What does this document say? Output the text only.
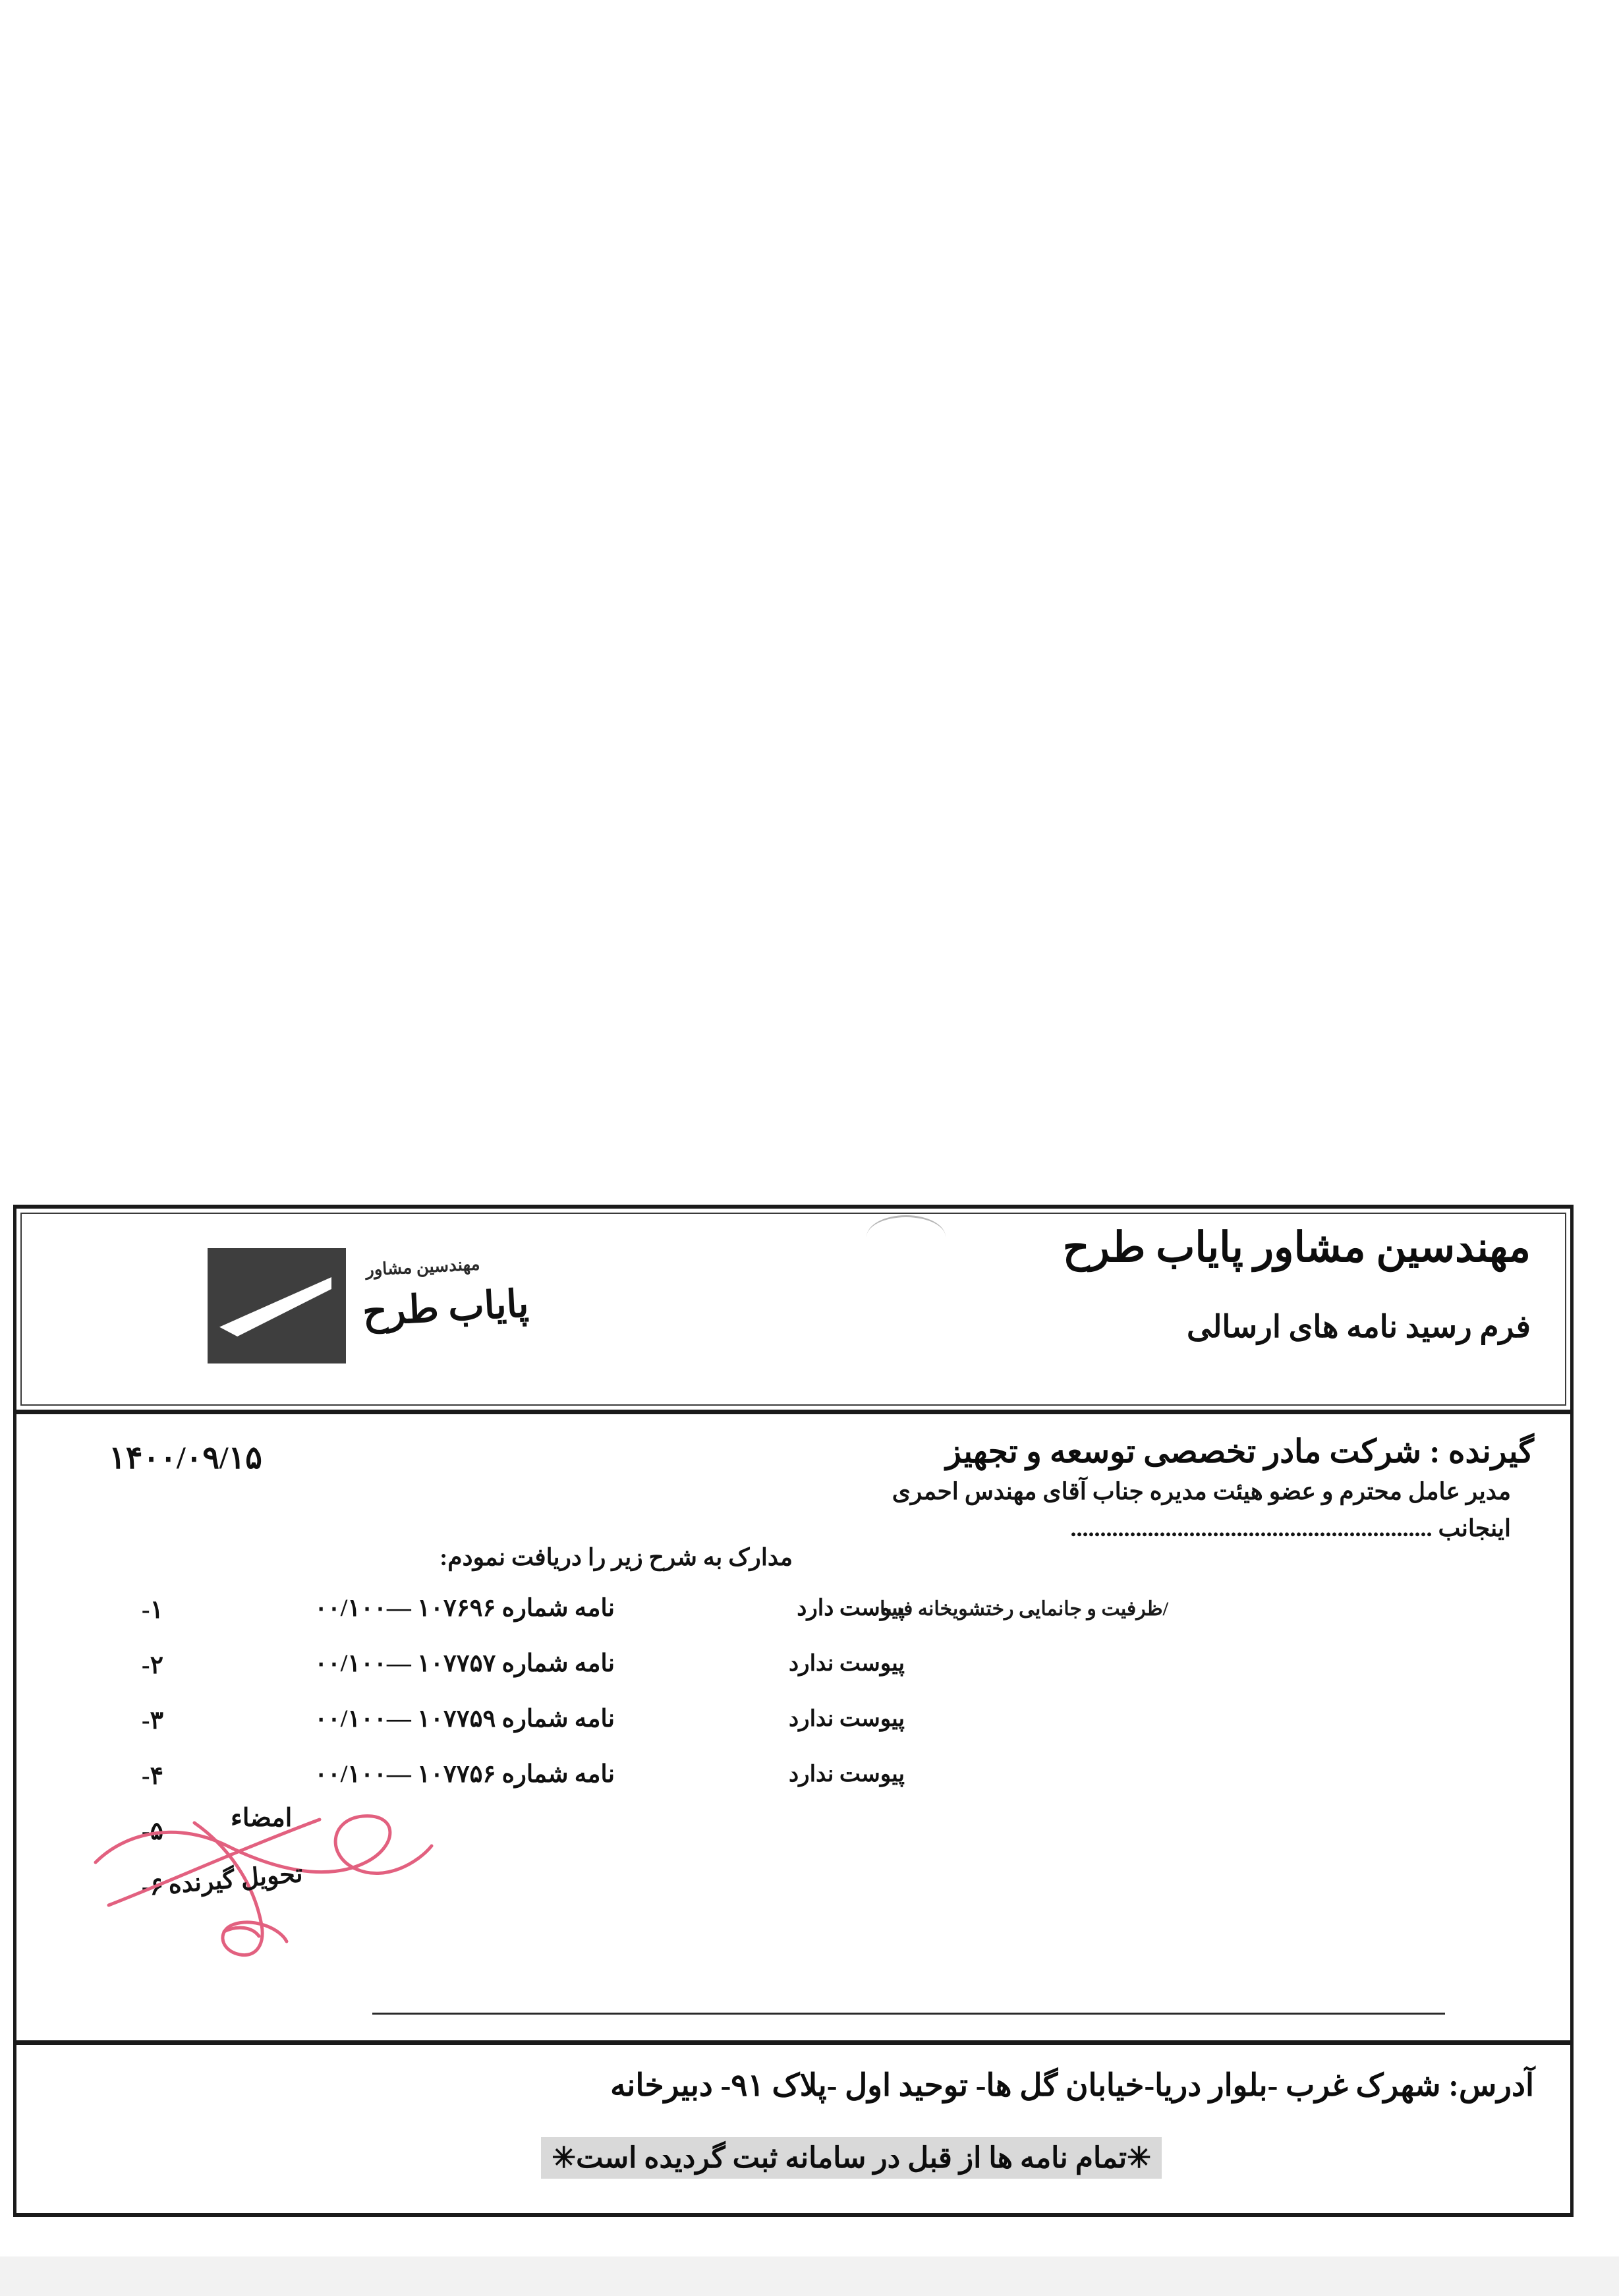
مهندسین مشاور پایاب طرح
فرم رسید نامه های ارسالی
مهندسین مشاور
پایاب طرح
گیرنده : شرکت مادر تخصصی توسعه و تجهیز
مدیر عامل محترم و عضو هیئت مدیره جناب آقای مهندس احمری
اینجانب .............................................................
مدارک به شرح زیر را دریافت نمودم:
۱۴۰۰/۰۹/۱۵
۱-	نامه شماره ۱۰۷۶۹۶ —۰۰/۱۰۰	پیوست دارد
/ظرفیت و جانمایی رختشویخانه فسا
۲-	نامه شماره ۱۰۷۷۵۷ —۰۰/۱۰۰	پیوست ندارد
۳-	نامه شماره ۱۰۷۷۵۹ —۰۰/۱۰۰	پیوست ندارد
۴-	نامه شماره ۱۰۷۷۵۶ —۰۰/۱۰۰	پیوست ندارد
۵-
۶-
امضاء
تحویل گیرنده
آدرس: شهرک غرب -بلوار دریا-خیابان گل ها- توحید اول -پلاک ۹۱- دبیرخانه
✳تمام نامه ها از قبل در سامانه ثبت گردیده است✳
